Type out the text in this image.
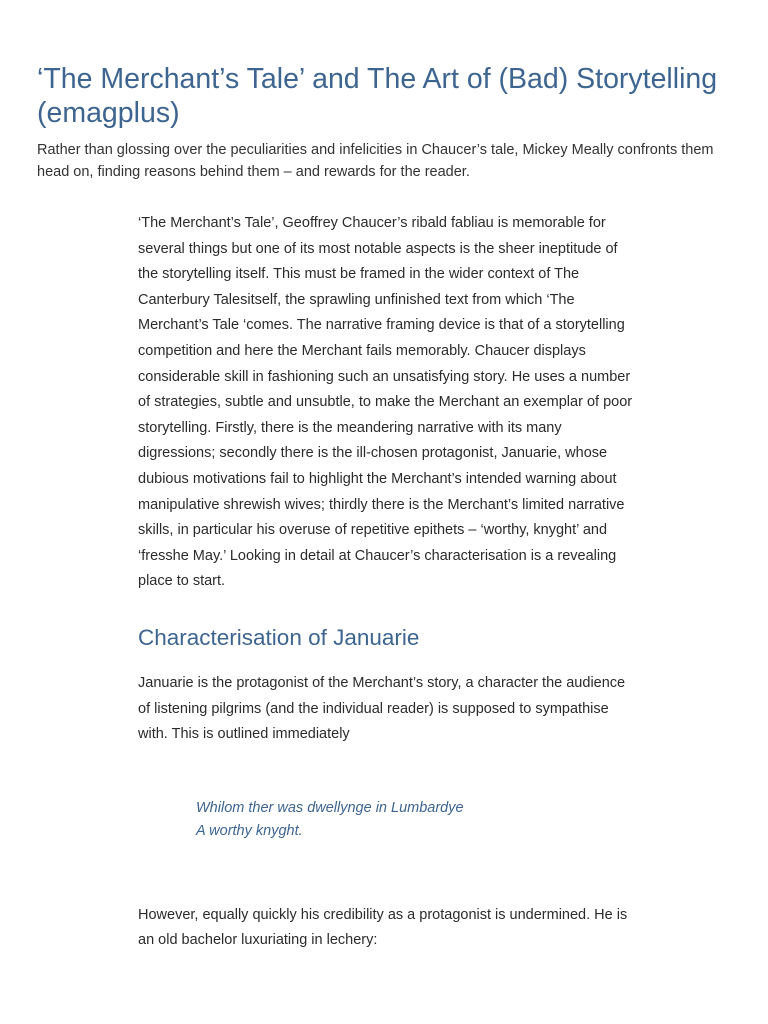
‘The Merchant’s Tale’ and The Art of (Bad) Storytelling (emagplus)

Rather than glossing over the peculiarities and infelicities in Chaucer’s tale, Mickey Meally confronts them head on, finding reasons behind them – and rewards for the reader.

‘The Merchant’s Tale’, Geoffrey Chaucer’s ribald fabliau is memorable for several things but one of its most notable aspects is the sheer ineptitude of the storytelling itself. This must be framed in the wider context of The Canterbury Talesitself, the sprawling unfinished text from which ‘The Merchant’s Tale ‘comes. The narrative framing device is that of a storytelling competition and here the Merchant fails memorably. Chaucer displays considerable skill in fashioning such an unsatisfying story. He uses a number of strategies, subtle and unsubtle, to make the Merchant an exemplar of poor storytelling. Firstly, there is the meandering narrative with its many digressions; secondly there is the ill-chosen protagonist, Januarie, whose dubious motivations fail to highlight the Merchant’s intended warning about manipulative shrewish wives; thirdly there is the Merchant’s limited narrative skills, in particular his overuse of repetitive epithets – ‘worthy, knyght’ and ‘fresshe May.’ Looking in detail at Chaucer’s characterisation is a revealing place to start.

Characterisation of Januarie

Januarie is the protagonist of the Merchant’s story, a character the audience of listening pilgrims (and the individual reader) is supposed to sympathise with. This is outlined immediately

Whilom ther was dwellynge in Lumbardye
A worthy knyght.

However, equally quickly his credibility as a protagonist is undermined. He is an old bachelor luxuriating in lechery:
